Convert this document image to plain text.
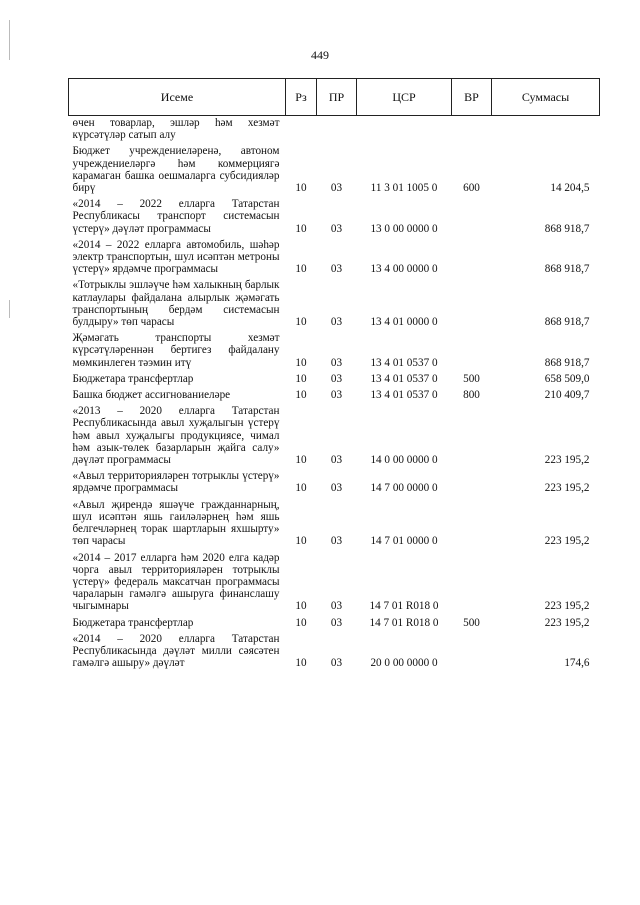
449
Исеме	Рз	ПР	ЦСР	ВР	Суммасы
өчен товарлар, эшләр һәм хезмәт күрсәтүләр сатып алу					
Бюджет учреждениеләренә, автоном учреждениеләргә һәм коммерциягә карамаган башка оешмаларга субсидияләр бирү	10	03	11 3 01 1005 0	600	14 204,5
«2014 – 2022 елларга Татарстан Республикасы транспорт системасын үстерү» дәүләт программасы	10	03	13 0 00 0000 0		868 918,7
«2014 – 2022 елларга автомобиль, шәһәр электр транспортын, шул исәптән метроны үстерү» ярдәмче программасы	10	03	13 4 00 0000 0		868 918,7
«Тотрыклы эшләүче һәм халыкның барлык катлаулары файдалана алырлык җәмәгать транспортының бердәм системасын булдыру» төп чарасы	10	03	13 4 01 0000 0		868 918,7
Җәмәгать транспорты хезмәт күрсәтүләреннән бертигез файдалану мөмкинлеген тәэмин итү	10	03	13 4 01 0537 0		868 918,7
Бюджетара трансфертлар	10	03	13 4 01 0537 0	500	658 509,0
Башка бюджет ассигнованиеләре	10	03	13 4 01 0537 0	800	210 409,7
«2013 – 2020 елларга Татарстан Республикасында авыл хуҗалыгын үстерү һәм авыл хуҗалыгы продукциясе, чимал һәм азык-төлек базарларын җайга салу» дәүләт программасы	10	03	14 0 00 0000 0		223 195,2
«Авыл территорияләрен тотрыклы үстерү» ярдәмче программасы	10	03	14 7 00 0000 0		223 195,2
«Авыл җирендә яшәүче гражданнарның, шул исәптән яшь гаиләләрнең һәм яшь белгечләрнең торак шартларын яхшырту» төп чарасы	10	03	14 7 01 0000 0		223 195,2
«2014 – 2017 елларга һәм 2020 елга кадәр чорга авыл территорияләрен тотрыклы үстерү» федераль максатчан программасы чараларын гамәлгә ашыруга финанслашу чыгымнары	10	03	14 7 01 R018 0		223 195,2
Бюджетара трансфертлар	10	03	14 7 01 R018 0	500	223 195,2
«2014 – 2020 елларга Татарстан Республикасында дәүләт милли сәясәтен гамәлгә ашыру» дәүләт	10	03	20 0 00 0000 0		174,6
